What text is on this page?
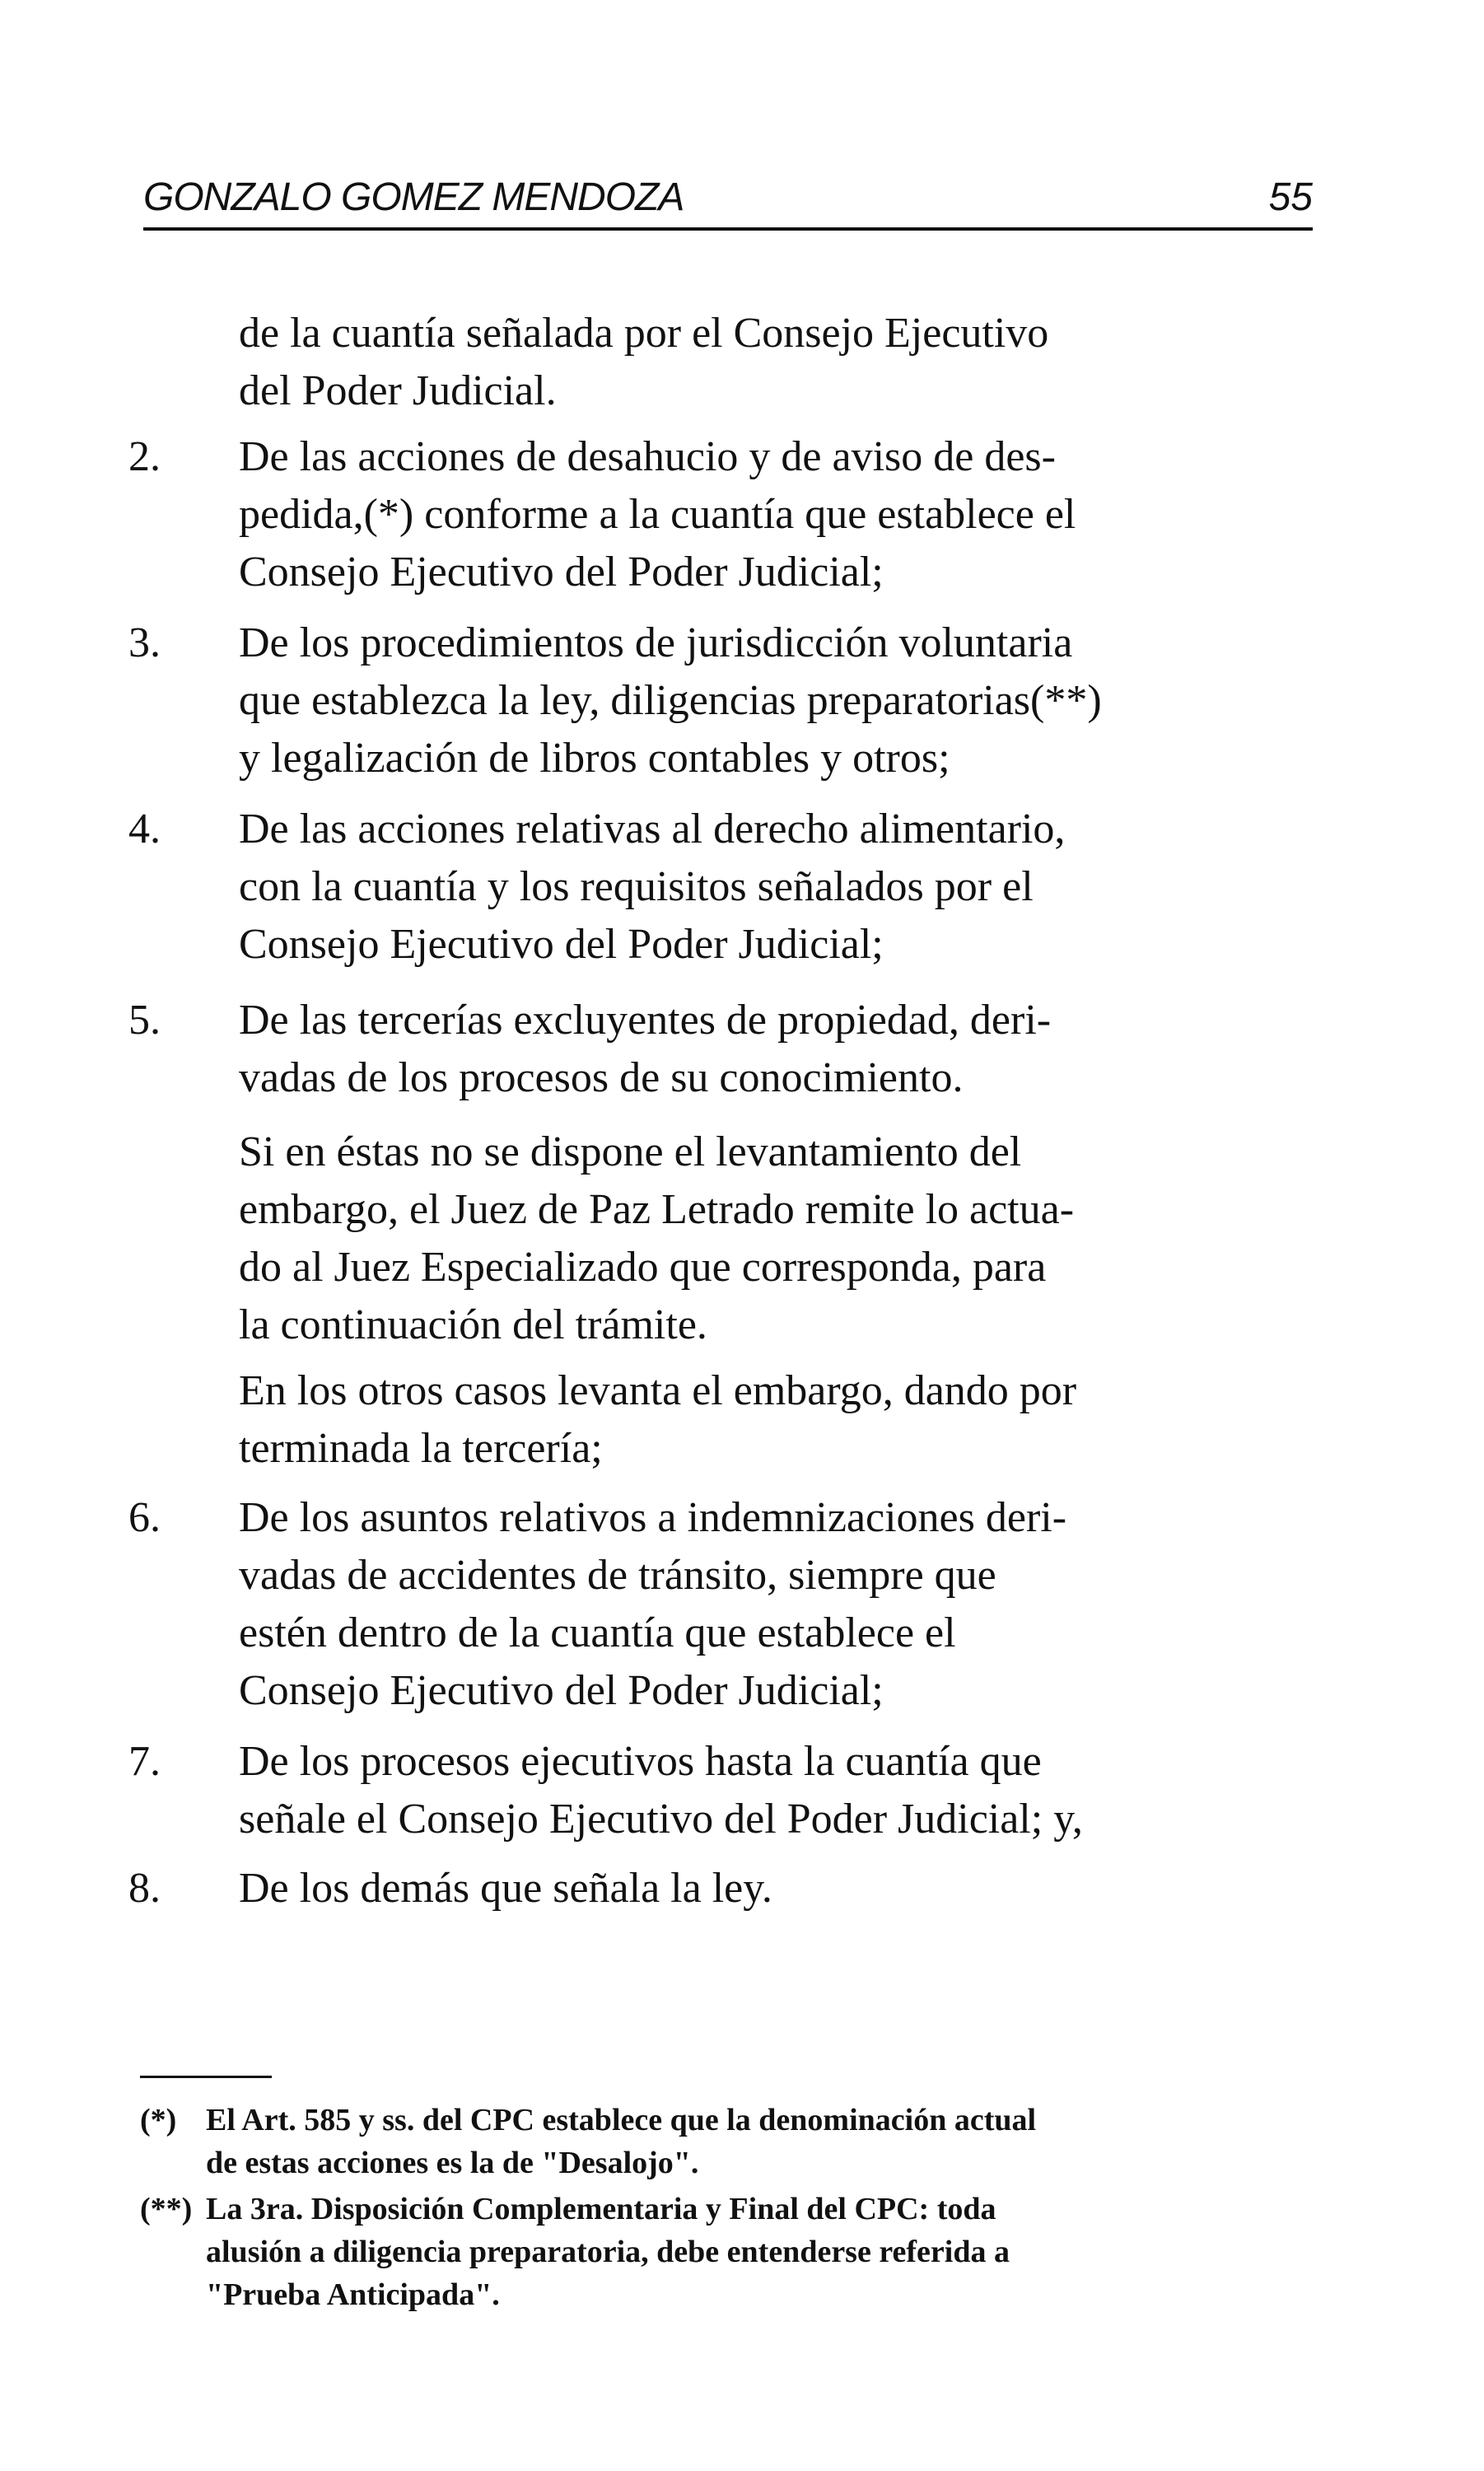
GONZALO GOMEZ MENDOZA	55
de la cuantía señalada por el Consejo Ejecutivo
del Poder Judicial.
2.	De las acciones de desahucio y de aviso de des-
pedida,(*) conforme a la cuantía que establece el
Consejo Ejecutivo del Poder Judicial;
3.	De los procedimientos de jurisdicción voluntaria
que establezca la ley, diligencias preparatorias(**)
y legalización de libros contables y otros;
4.	De las acciones relativas al derecho alimentario,
con la cuantía y los requisitos señalados por el
Consejo Ejecutivo del Poder Judicial;
5.	De las tercerías excluyentes de propiedad, deri-
vadas de los procesos de su conocimiento.
Si en éstas no se dispone el levantamiento del
embargo, el Juez de Paz Letrado remite lo actua-
do al Juez Especializado que corresponda, para
la continuación del trámite.
En los otros casos levanta el embargo, dando por
terminada la tercería;
6.	De los asuntos relativos a indemnizaciones deri-
vadas de accidentes de tránsito, siempre que
estén dentro de la cuantía que establece el
Consejo Ejecutivo del Poder Judicial;
7.	De los procesos ejecutivos hasta la cuantía que
señale el Consejo Ejecutivo del Poder Judicial; y,
8.	De los demás que señala la ley.
(*) El Art. 585 y ss. del CPC establece que la denominación actual
de estas acciones es la de "Desalojo".
(**) La 3ra. Disposición Complementaria y Final del CPC: toda
alusión a diligencia preparatoria, debe entenderse referida a
"Prueba Anticipada".
